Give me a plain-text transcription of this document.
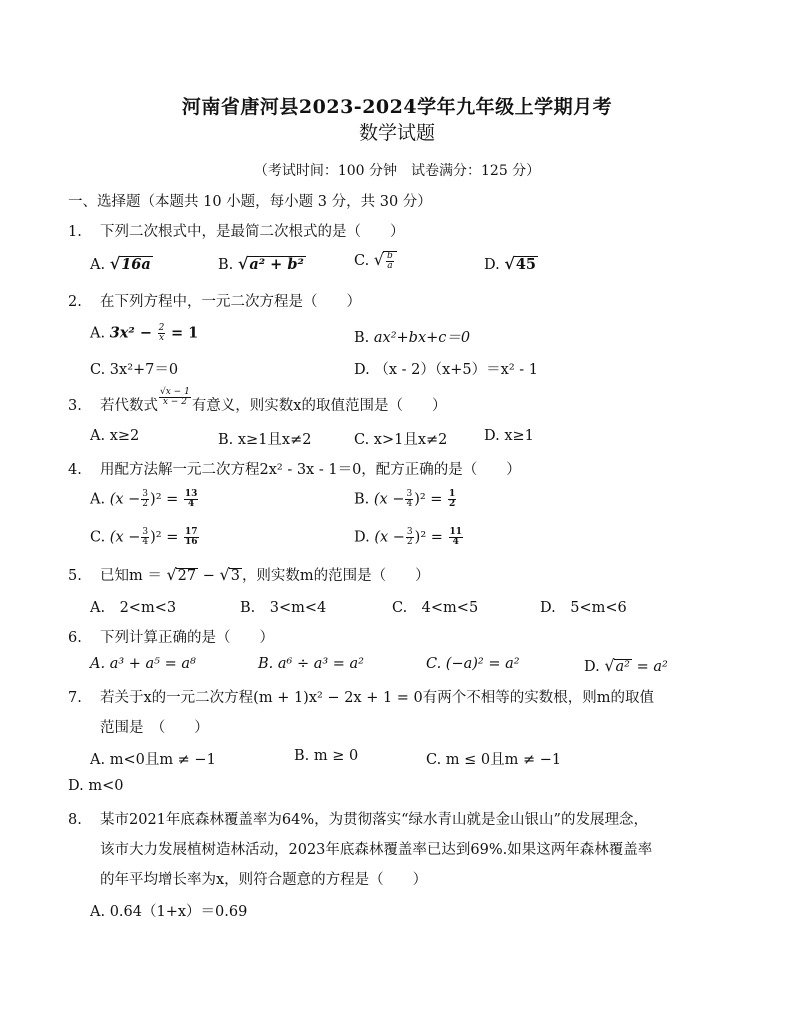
河南省唐河县2023-2024学年九年级上学期月考
数学试题
（考试时间：100 分钟　试卷满分：125 分）
一、选择题（本题共 10 小题，每小题 3 分，共 30 分）
1. 下列二次根式中，是最简二次根式的是（　　）
A. √16a	B. √a² + b²	C. √ $\frac{b}{a}$	D. √45
2. 在下列方程中，一元二次方程是（　　）
A. $3x^2 - \frac{2}{x} = 1$	B. ax²+bx+c＝0
C. 3x²+7＝0	D. （x - 2）（x+5）＝x² - 1
3. 若代数式 $\frac{√x - 1}{x - 2}$ 有意义，则实数x的取值范围是（　　）
A. x≥2	B. x≥1且x≠2	C. x>1且x≠2	D. x≥1
4. 用配方法解一元二次方程2x² - 3x - 1＝0，配方正确的是（　　）
A. $(x - \frac{3}{2} )^2 = \frac{13}{4}$	B. $(x - \frac{3}{4} )^2 = \frac{1}{2}$
C. $(x - \frac{3}{4} )^2 = \frac{17}{16}$	D. $(x - \frac{3}{2} )^2 = \frac{11}{4}$
5. 已知m ＝ √27 − √3 ，则实数m的范围是（　　）
A.　2<m<3	B.　3<m<4	C.　4<m<5	D.　5<m<6
6. 下列计算正确的是（　　）
A. a³ + a⁵ = a⁸	B. a⁶ ÷ a³ = a²	C. (−a)² = a²	D. √a² = a²
7. 若关于x的一元二次方程(m + 1)x² − 2x + 1 = 0有两个不相等的实数根，则m的取值
范围是　（　　）
A. m<0且m ≠ −1	B. m ≥ 0	C. m ≤ 0且m ≠ −1
D. m<0
8. 某市2021年底森林覆盖率为64%，为贯彻落实“绿水青山就是金山银山”的发展理念，
该市大力发展植树造林活动，2023年底森林覆盖率已达到69%.如果这两年森林覆盖率
的年平均增长率为x，则符合题意的方程是（　　）
A. 0.64（1+x）＝0.69
